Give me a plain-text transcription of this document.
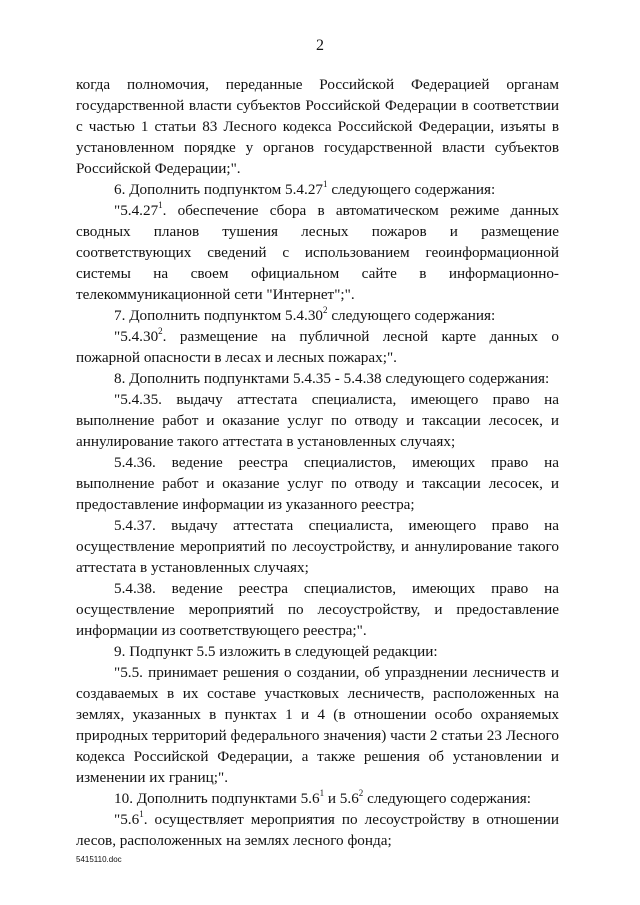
2

когда полномочия, переданные Российской Федерацией органам государственной власти субъектов Российской Федерации в соответствии с частью 1 статьи 83 Лесного кодекса Российской Федерации, изъяты в установленном порядке у органов государственной власти субъектов Российской Федерации;".

6. Дополнить подпунктом 5.4.27$^1$ следующего содержания:

"5.4.27$^1$. обеспечение сбора в автоматическом режиме данных сводных планов тушения лесных пожаров и размещение соответствующих сведений с использованием геоинформационной системы на своем официальном сайте в информационно-телекоммуникационной сети "Интернет";".

7. Дополнить подпунктом 5.4.30$^2$ следующего содержания:

"5.4.30$^2$. размещение на публичной лесной карте данных о пожарной опасности в лесах и лесных пожарах;".

8. Дополнить подпунктами 5.4.35 - 5.4.38 следующего содержания:

"5.4.35. выдачу аттестата специалиста, имеющего право на выполнение работ и оказание услуг по отводу и таксации лесосек, и аннулирование такого аттестата в установленных случаях;

5.4.36. ведение реестра специалистов, имеющих право на выполнение работ и оказание услуг по отводу и таксации лесосек, и предоставление информации из указанного реестра;

5.4.37. выдачу аттестата специалиста, имеющего право на осуществление мероприятий по лесоустройству, и аннулирование такого аттестата в установленных случаях;

5.4.38. ведение реестра специалистов, имеющих право на осуществление мероприятий по лесоустройству, и предоставление информации из соответствующего реестра;".

9. Подпункт 5.5 изложить в следующей редакции:

"5.5. принимает решения о создании, об упразднении лесничеств и создаваемых в их составе участковых лесничеств, расположенных на землях, указанных в пунктах 1 и 4 (в отношении особо охраняемых природных территорий федерального значения) части 2 статьи 23 Лесного кодекса Российской Федерации, а также решения об установлении и изменении их границ;".

10. Дополнить подпунктами $5.6^1$ и $5.6^2$ следующего содержания:

"$5.6^1$. осуществляет мероприятия по лесоустройству в отношении лесов, расположенных на землях лесного фонда;

5415110.doc
